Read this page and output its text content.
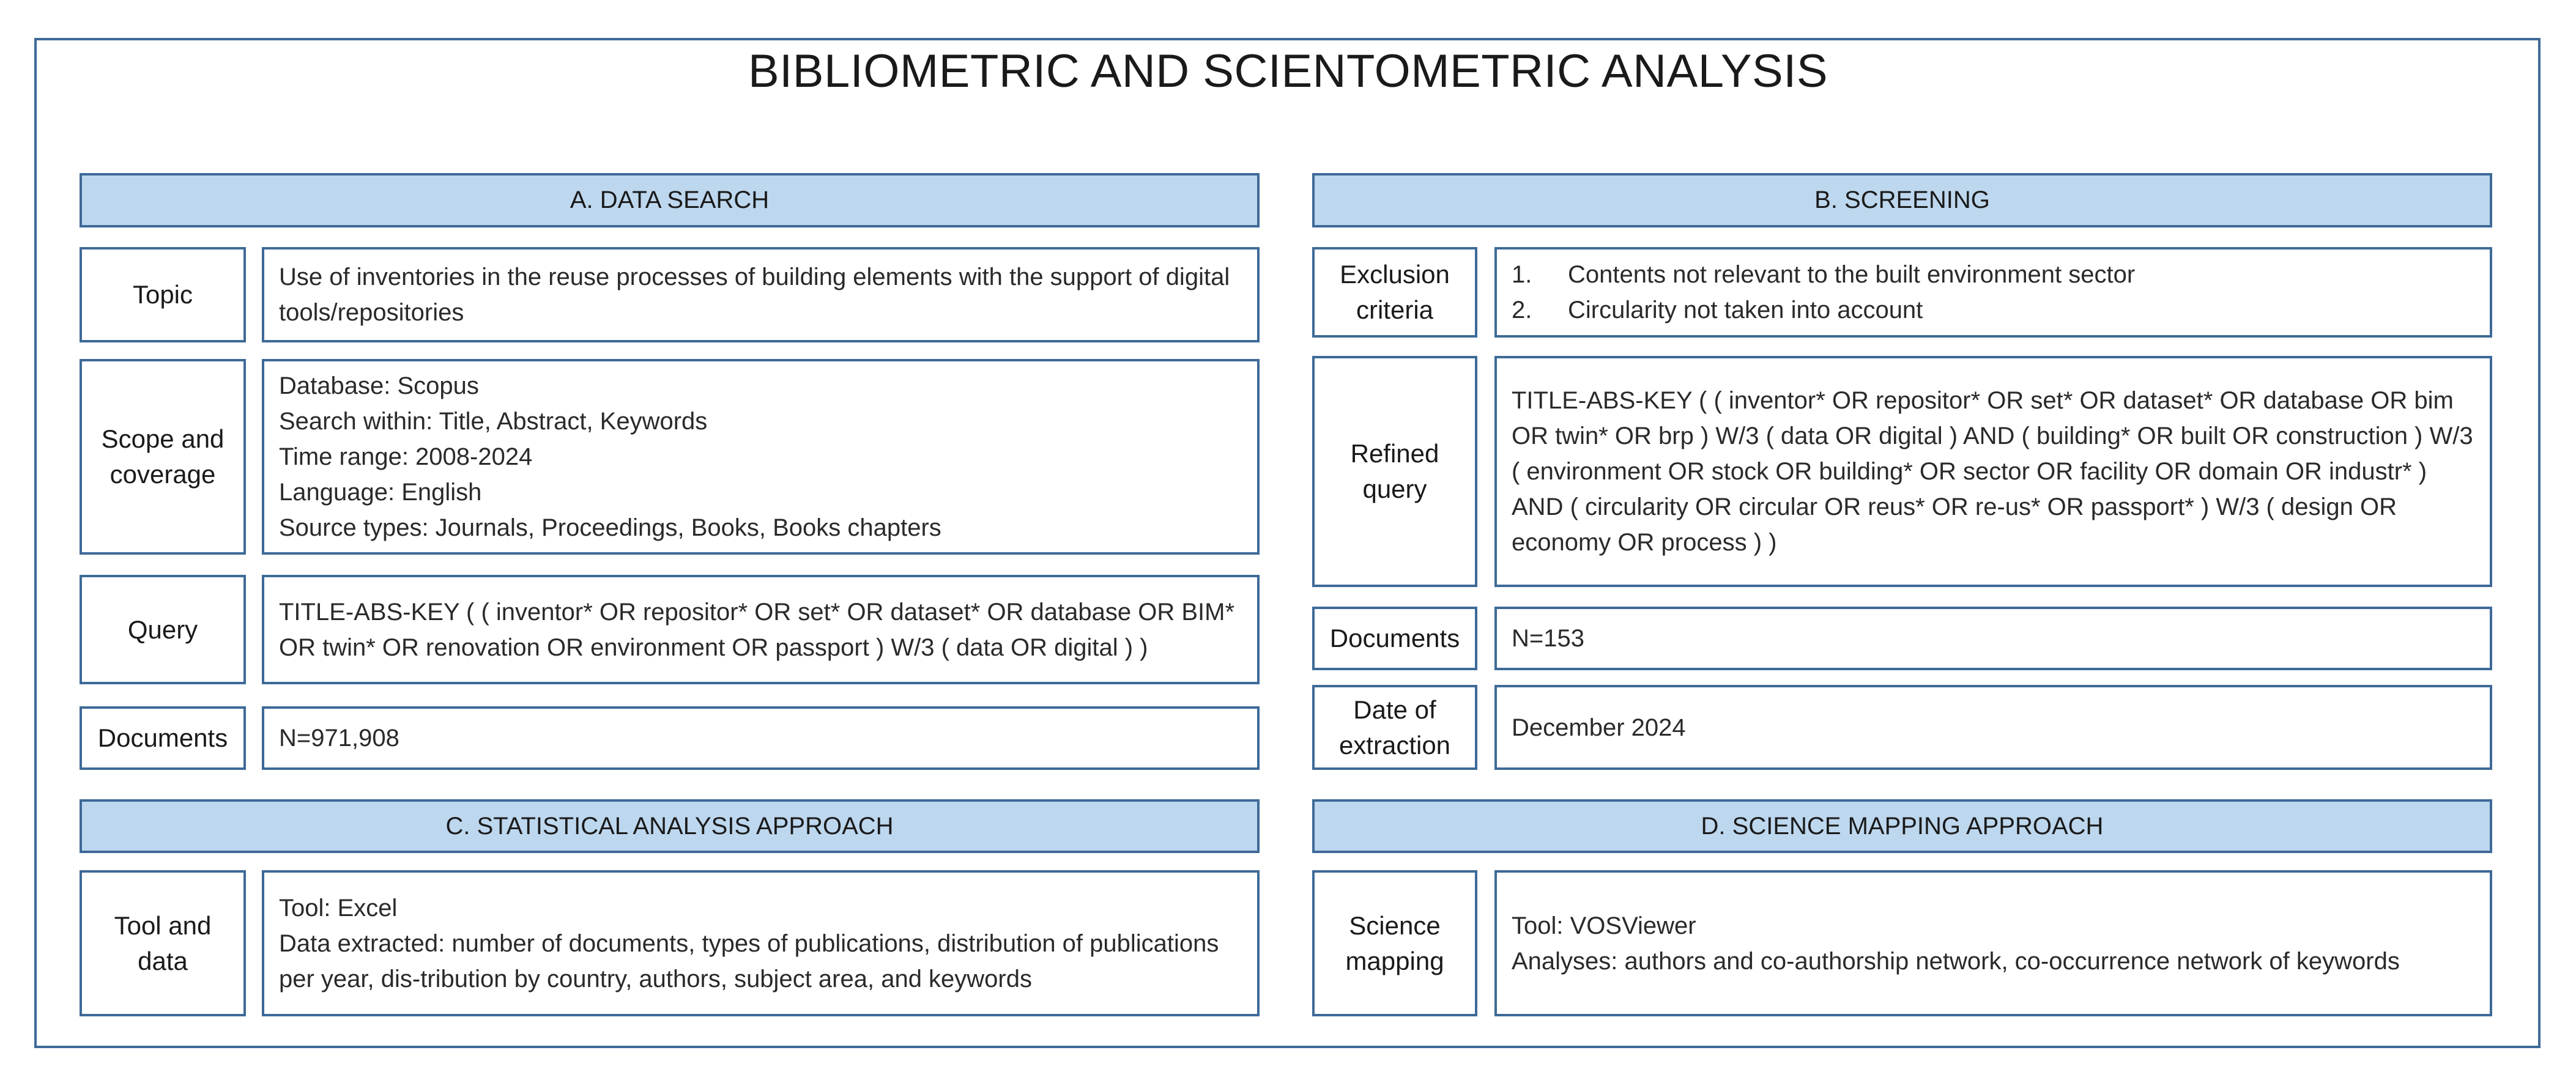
BIBLIOMETRIC AND SCIENTOMETRIC ANALYSIS
A. DATA SEARCH
Topic
Use of inventories in the reuse processes of building elements with the support of digital tools/repositories
Scope and coverage
Database: Scopus
Search within: Title, Abstract, Keywords
Time range: 2008-2024
Language: English
Source types: Journals, Proceedings, Books, Books chapters
Query
TITLE-ABS-KEY ( ( inventor* OR repositor* OR set* OR dataset* OR database OR BIM* OR twin* OR renovation OR environment OR passport ) W/3 ( data OR digital ) )
Documents	N=971,908
B. SCREENING
Exclusion criteria
1. Contents not relevant to the built environment sector
2. Circularity not taken into account
Refined query
TITLE-ABS-KEY ( ( inventor* OR repositor* OR set* OR dataset* OR database OR bim OR twin* OR brp ) W/3 ( data OR digital ) AND ( building* OR built OR construction ) W/3 ( environment OR stock OR building* OR sector OR facility OR domain OR industr* ) AND ( circularity OR circular OR reus* OR re-us* OR passport* ) W/3 ( design OR economy OR process ) )
Documents	N=153
Date of extraction
December 2024
C. STATISTICAL ANALYSIS APPROACH
Tool and data
Tool: Excel
Data extracted: number of documents, types of publications, distribution of publications per year, dis-tribution by country, authors, subject area, and keywords
D. SCIENCE MAPPING APPROACH
Science mapping
Tool: VOSViewer
Analyses: authors and co-authorship network, co-occurrence network of keywords
